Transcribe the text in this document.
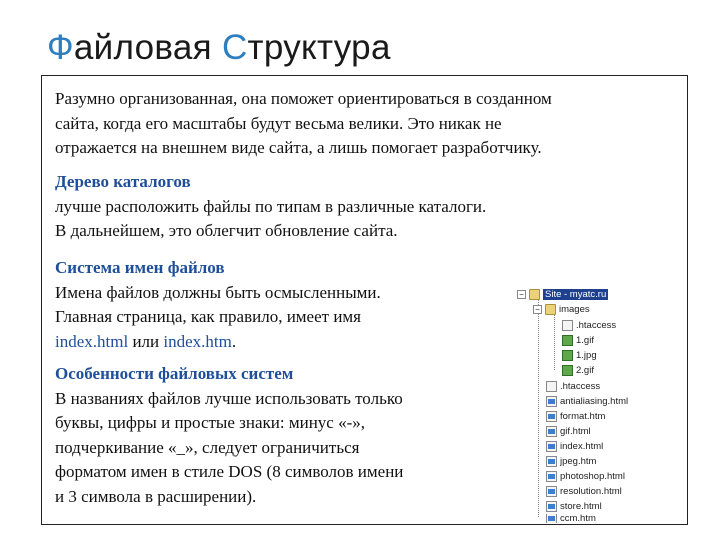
Файловая Структура
Разумно организованная, она поможет ориентироваться в созданном
сайта, когда его масштабы будут весьма велики. Это никак не
отражается на внешнем виде сайта, а лишь помогает разработчику.
Дерево каталогов
лучше расположить файлы по типам в различные каталоги.
В дальнейшем, это облегчит обновление сайта.
Система имен файлов
Имена файлов должны быть осмысленными.
Главная страница, как правило, имеет имя
index.html или index.htm.
Особенности файловых систем
В названиях файлов лучше использовать только
буквы, цифры и простые знаки: минус «-»,
подчеркивание «_», следует ограничиться
форматом имен в стиле DOS (8 символов имени
и 3 символа в расширении).
− Site - myatc.ru
− images
.htaccess
1.gif
1.jpg
2.gif
.htaccess
antialiasing.html
format.htm
gif.html
index.html
jpeg.htm
photoshop.html
resolution.html
store.html
ccm.htm
